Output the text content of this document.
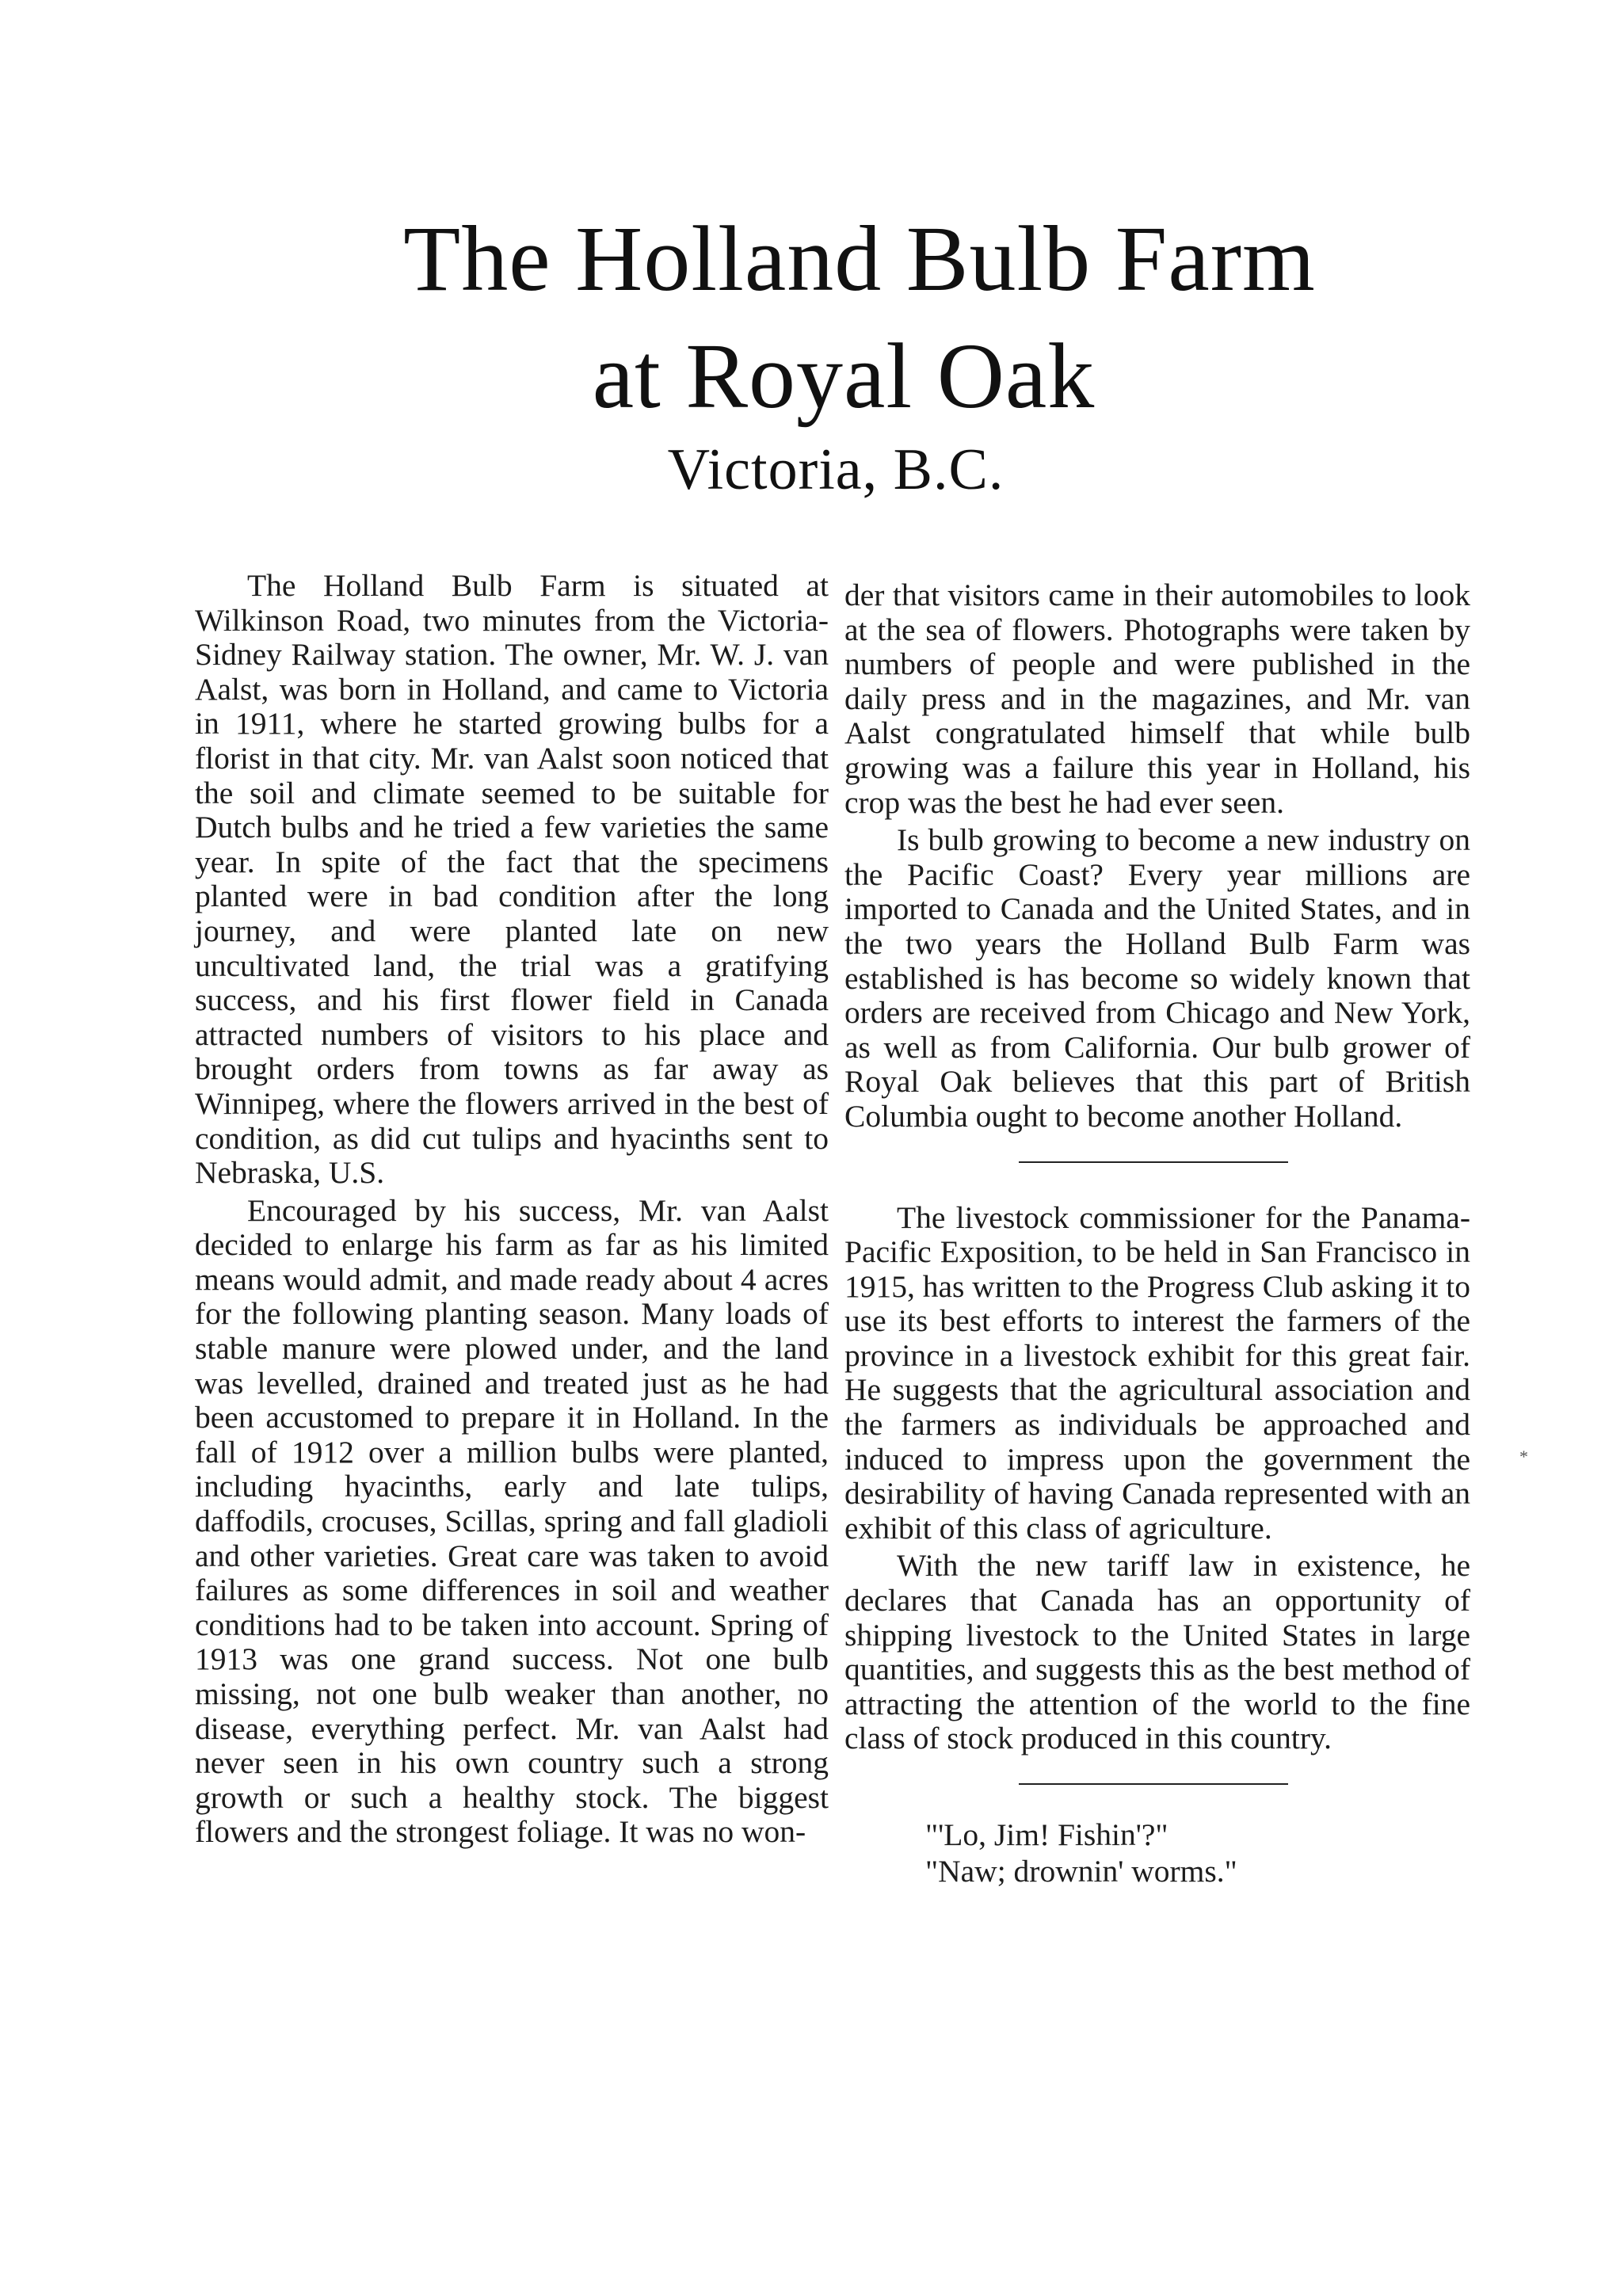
The Holland Bulb Farm
at Royal Oak
Victoria, B.C.

The Holland Bulb Farm is situated at Wilkinson Road, two minutes from the Victoria-Sidney Railway station. The owner, Mr. W. J. van Aalst, was born in Holland, and came to Victoria in 1911, where he started growing bulbs for a florist in that city. Mr. van Aalst soon noticed that the soil and climate seemed to be suitable for Dutch bulbs and he tried a few varieties the same year. In spite of the fact that the specimens planted were in bad condition after the long journey, and were planted late on new uncultivated land, the trial was a gratifying success, and his first flower field in Canada attracted numbers of visitors to his place and brought orders from towns as far away as Winnipeg, where the flowers arrived in the best of condition, as did cut tulips and hyacinths sent to Nebraska, U.S.

Encouraged by his success, Mr. van Aalst decided to enlarge his farm as far as his limited means would admit, and made ready about 4 acres for the following planting season. Many loads of stable manure were plowed under, and the land was levelled, drained and treated just as he had been accustomed to prepare it in Holland. In the fall of 1912 over a million bulbs were planted, including hyacinths, early and late tulips, daffodils, crocuses, Scillas, spring and fall gladioli and other varieties. Great care was taken to avoid failures as some differences in soil and weather conditions had to be taken into account. Spring of 1913 was one grand success. Not one bulb missing, not one bulb weaker than another, no disease, everything perfect. Mr. van Aalst had never seen in his own country such a strong growth or such a healthy stock. The biggest flowers and the strongest foliage. It was no won-

der that visitors came in their automobiles to look at the sea of flowers. Photographs were taken by numbers of people and were published in the daily press and in the magazines, and Mr. van Aalst congratulated himself that while bulb growing was a failure this year in Holland, his crop was the best he had ever seen.

Is bulb growing to become a new industry on the Pacific Coast? Every year millions are imported to Canada and the United States, and in the two years the Holland Bulb Farm was established is has become so widely known that orders are received from Chicago and New York, as well as from California. Our bulb grower of Royal Oak believes that this part of British Columbia ought to become another Holland.

The livestock commissioner for the Panama-Pacific Exposition, to be held in San Francisco in 1915, has written to the Progress Club asking it to use its best efforts to interest the farmers of the province in a livestock exhibit for this great fair. He suggests that the agricultural association and the farmers as individuals be approached and induced to impress upon the government the desirability of having Canada represented with an exhibit of this class of agriculture.

With the new tariff law in existence, he declares that Canada has an opportunity of shipping livestock to the United States in large quantities, and suggests this as the best method of attracting the attention of the world to the fine class of stock produced in this country.

"'Lo, Jim! Fishin'?"

"Naw; drownin' worms."

*
